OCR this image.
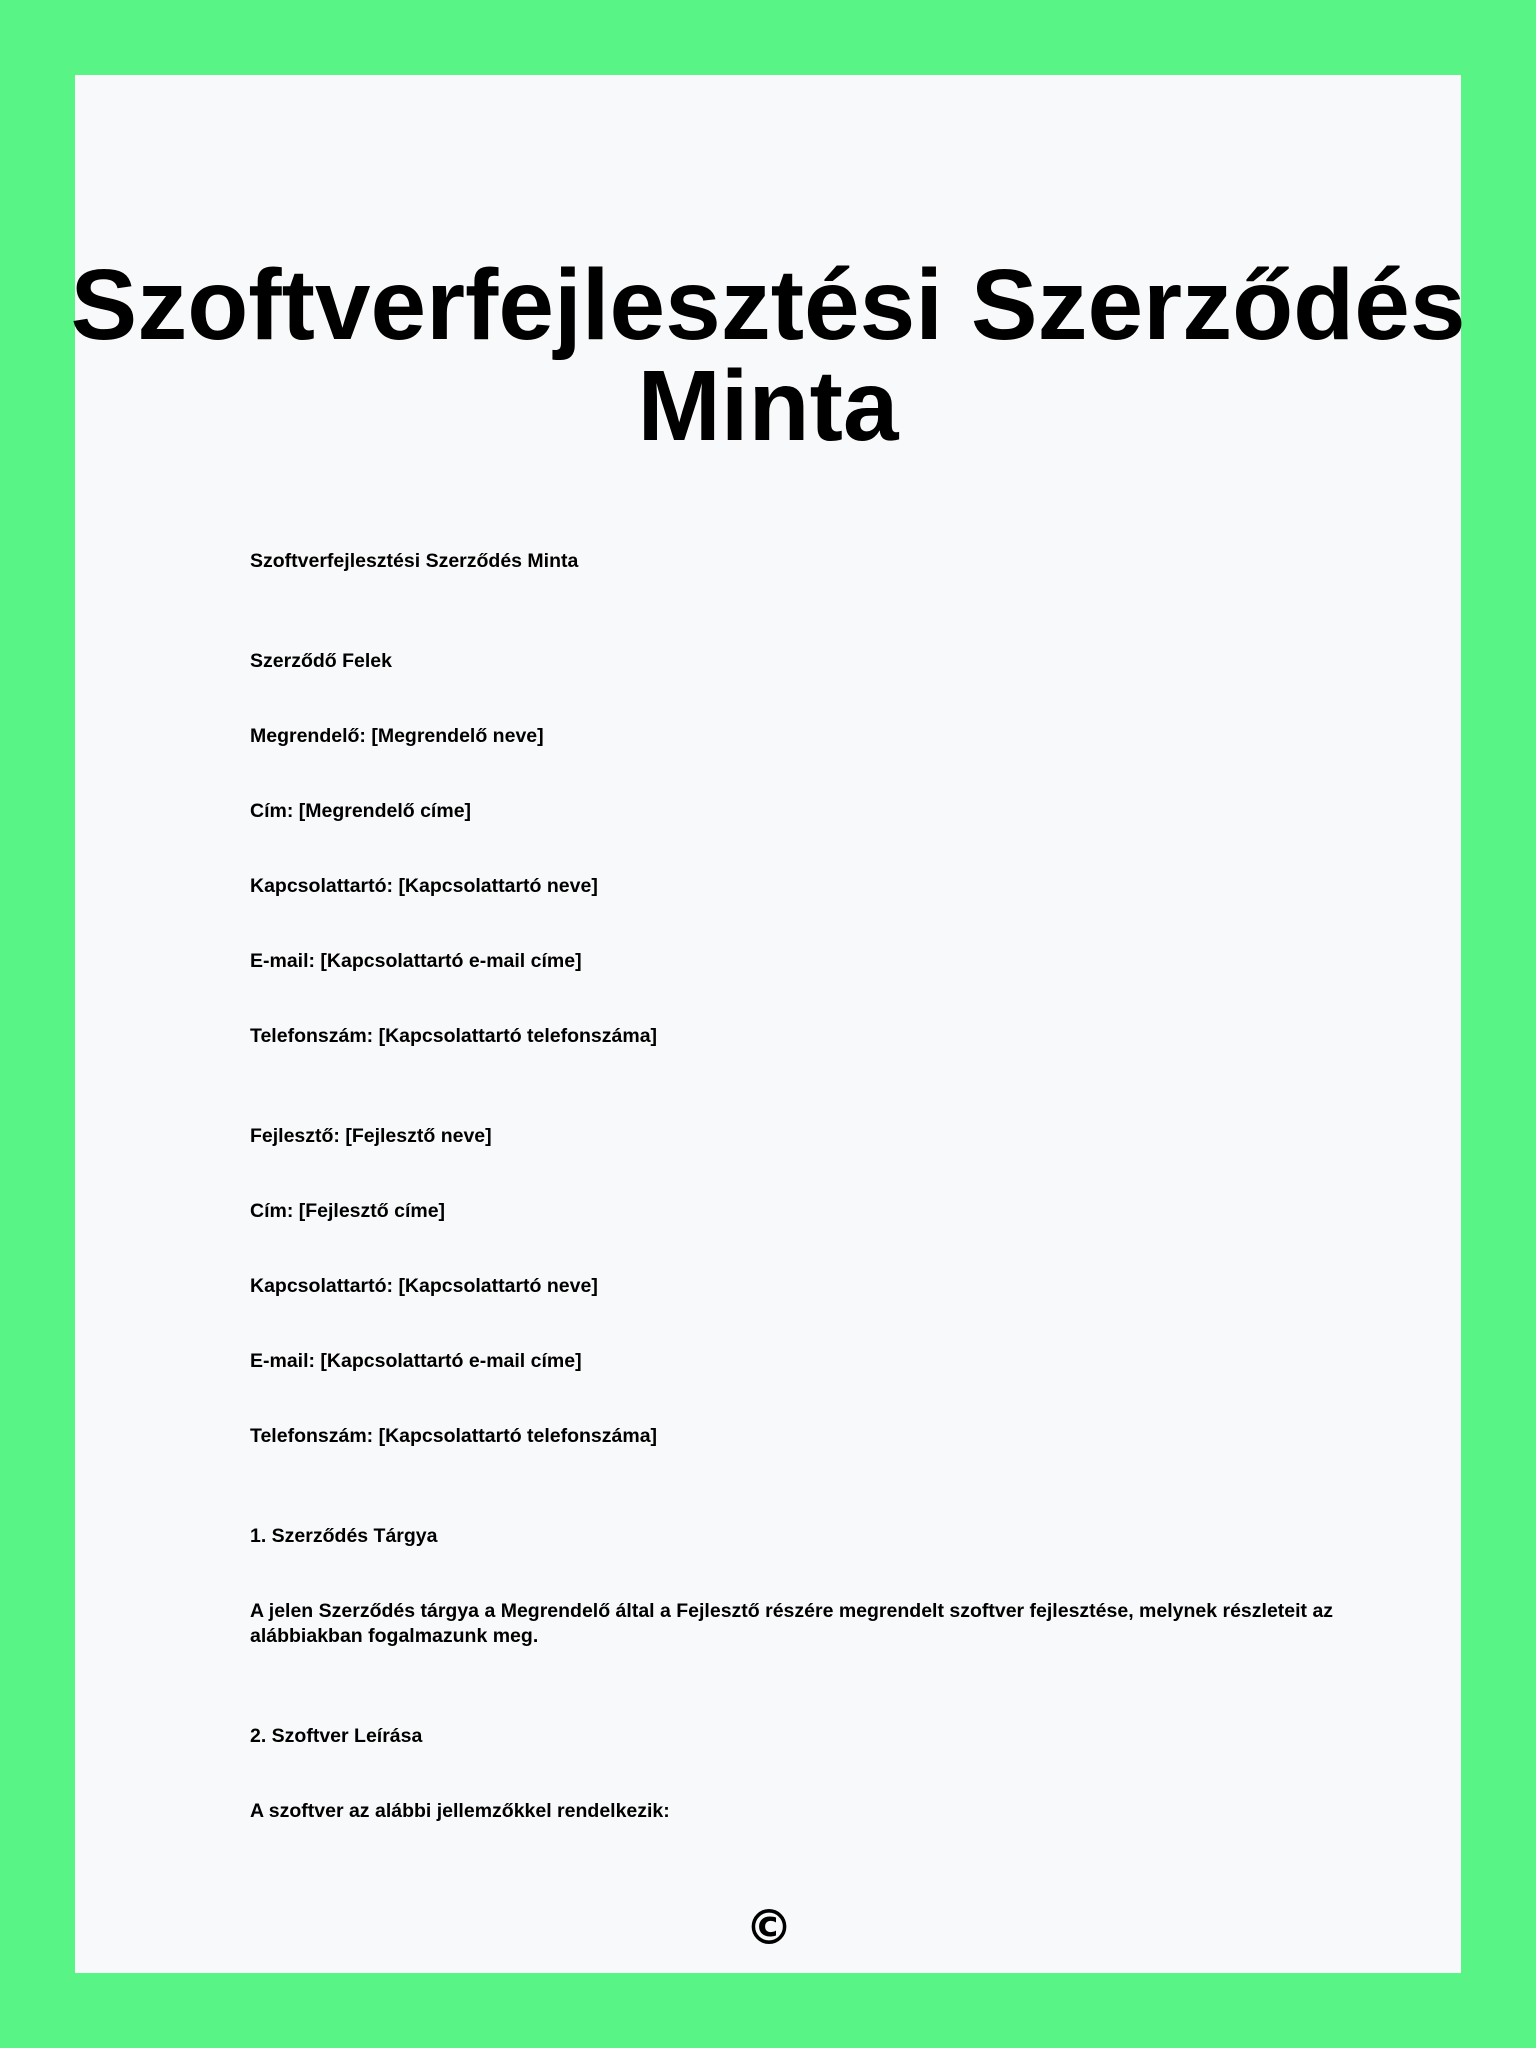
Szoftverfejlesztési Szerződés Minta

Szoftverfejlesztési Szerződés Minta

Szerződő Felek

Megrendelő: [Megrendelő neve]

Cím: [Megrendelő címe]

Kapcsolattartó: [Kapcsolattartó neve]

E-mail: [Kapcsolattartó e-mail címe]

Telefonszám: [Kapcsolattartó telefonszáma]

Fejlesztő: [Fejlesztő neve]

Cím: [Fejlesztő címe]

Kapcsolattartó: [Kapcsolattartó neve]

E-mail: [Kapcsolattartó e-mail címe]

Telefonszám: [Kapcsolattartó telefonszáma]

1. Szerződés Tárgya

A jelen Szerződés tárgya a Megrendelő által a Fejlesztő részére megrendelt szoftver fejlesztése, melynek részleteit az alábbiakban fogalmazunk meg.

2. Szoftver Leírása

A szoftver az alábbi jellemzőkkel rendelkezik:

©
